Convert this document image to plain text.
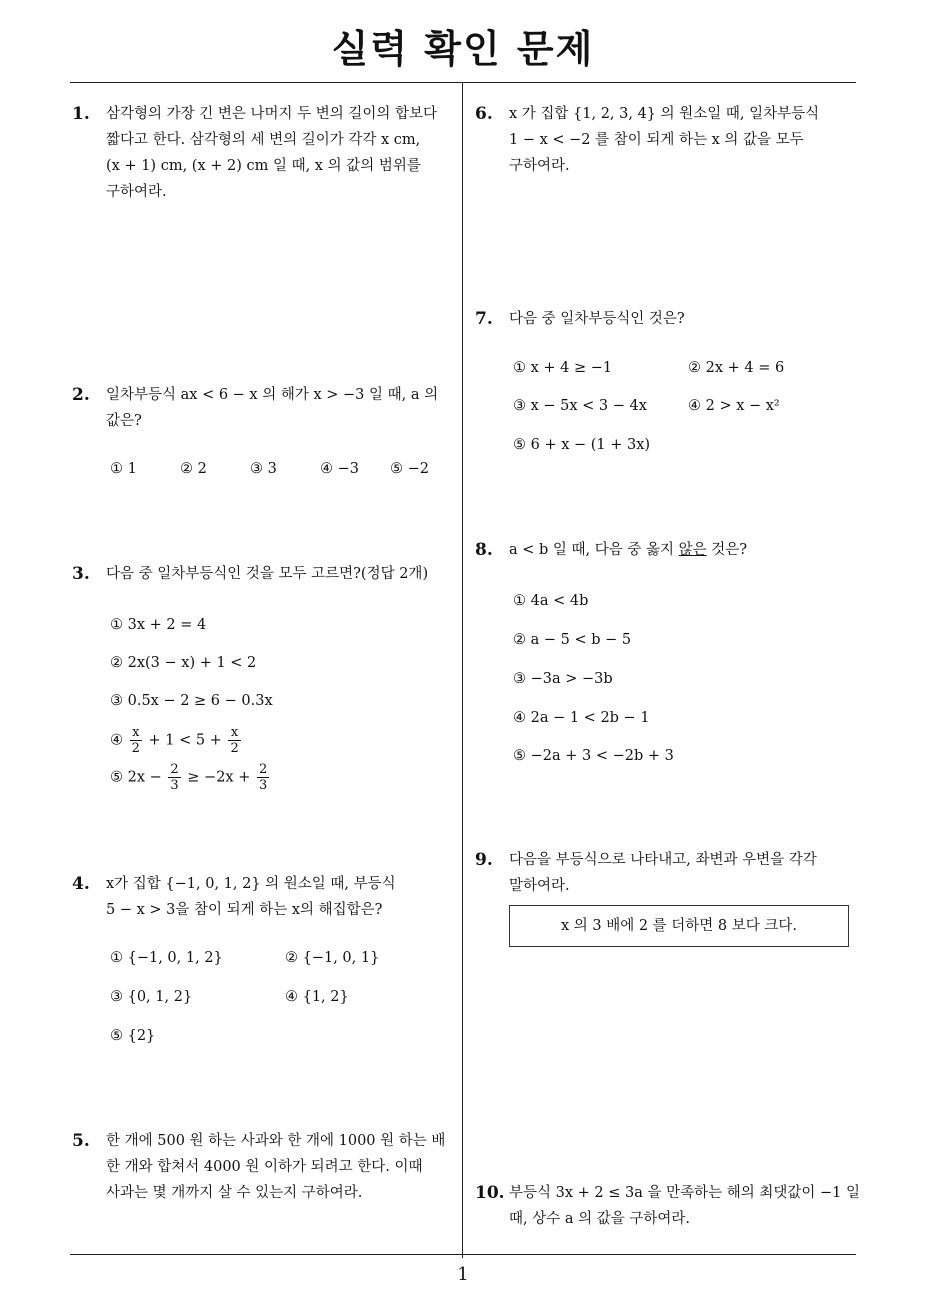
실력 확인 문제
1. 삼각형의 가장 긴 변은 나머지 두 변의 길이의 합보다
짧다고 한다. 삼각형의 세 변의 길이가 각각 x cm,
(x + 1) cm, (x + 2) cm 일 때, x 의 값의 범위를
구하여라.
2. 일차부등식 ax < 6 − x 의 해가 x > −3 일 때, a 의
값은?
① 1	② 2	③ 3	④ −3 ⑤ −2
3. 다음 중 일차부등식인 것을 모두 고르면?(정답 2개)
① 3x + 2 = 4
② 2x(3 − x) + 1 < 2
③ 0.5x − 2 ≥ 6 − 0.3x
④ $\frac{x}{2} + 1 < 5 + \frac{x}{2}$
⑤ $2x - \frac{2}{3} \ge -2x + \frac{2}{3}$
4. x가 집합 {−1, 0, 1, 2} 의 원소일 때, 부등식
5 − x > 3을 참이 되게 하는 x의 해집합은?
① {−1, 0, 1, 2}	② {−1, 0, 1}
③ {0, 1, 2}	④ {1, 2}
⑤ {2}
5. 한 개에 500 원 하는 사과와 한 개에 1000 원 하는 배
한 개와 합쳐서 4000 원 이하가 되려고 한다. 이때
사과는 몇 개까지 살 수 있는지 구하여라.
6. x 가 집합 {1, 2, 3, 4} 의 원소일 때, 일차부등식
1 − x < −2 를 참이 되게 하는 x 의 값을 모두
구하여라.
7. 다음 중 일차부등식인 것은?
① x + 4 ≥ −1	② 2x + 4 = 6
③ x − 5x < 3 − 4x	④ 2 > x − x²
⑤ 6 + x − (1 + 3x)
8. a < b 일 때, 다음 중 옳지 않은 것은?
① 4a < 4b
② a − 5 < b − 5
③ −3a > −3b
④ 2a − 1 < 2b − 1
⑤ −2a + 3 < −2b + 3
9. 다음을 부등식으로 나타내고, 좌변과 우변을 각각
말하여라.
x 의 3 배에 2 를 더하면 8 보다 크다.
10. 부등식 3x + 2 ≤ 3a 을 만족하는 해의 최댓값이 −1 일
때, 상수 a 의 값을 구하여라.
1
